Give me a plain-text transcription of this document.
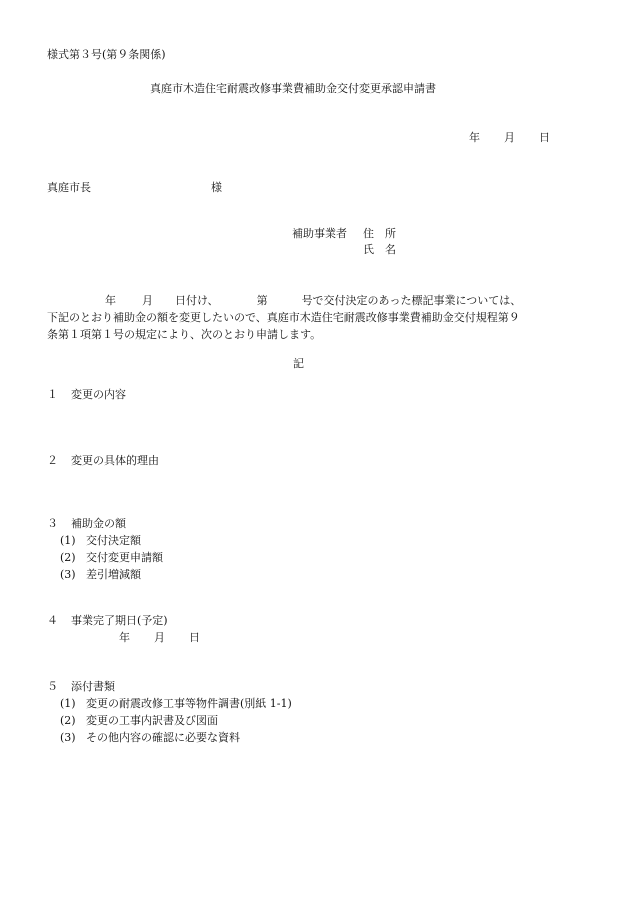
様式第３号(第９条関係)
真庭市木造住宅耐震改修事業費補助金交付変更承認申請書
年 月 日
真庭市長	様
補助事業者 住　所
氏　名

年 月 日付け、	第	号で交付決定のあった標記事業については、

下記のとおり補助金の額を変更したいので、真庭市木造住宅耐震改修事業費補助金交付規程第９

条第１項第１号の規定により、次のとおり申請します。

記
１ 変更の内容
２ 変更の具体的理由
３ 補助金の額
(1) 交付決定額
(2) 交付変更申請額
(3) 差引増減額
４ 事業完了期日(予定)
年 月 日
５ 添付書類
(1) 変更の耐震改修工事等物件調書(別紙 1-1)
(2) 変更の工事内訳書及び図面
(3) その他内容の確認に必要な資料
